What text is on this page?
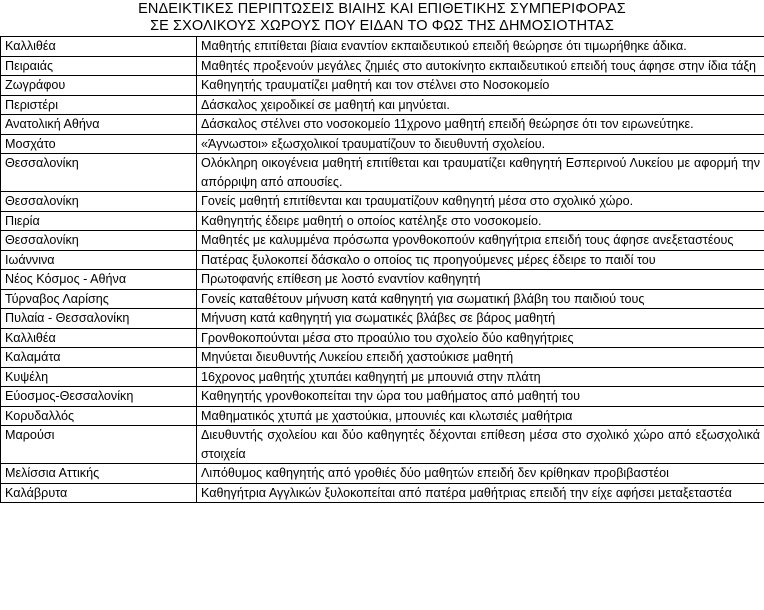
ΕΝΔΕΙΚΤΙΚΕΣ ΠΕΡΙΠΤΩΣΕΙΣ ΒΙΑΙΗΣ ΚΑΙ ΕΠΙΘΕΤΙΚΗΣ ΣΥΜΠΕΡΙΦΟΡΑΣ
ΣΕ ΣΧΟΛΙΚΟΥΣ ΧΩΡΟΥΣ ΠΟΥ ΕΙΔΑΝ ΤΟ ΦΩΣ ΤΗΣ ΔΗΜΟΣΙΟΤΗΤΑΣ
Καλλιθέα	Μαθητής επιτίθεται βίαια εναντίον εκπαιδευτικού επειδή θεώρησε ότι τιμωρήθηκε άδικα.
Πειραιάς	Μαθητές προξενούν μεγάλες ζημιές στο αυτοκίνητο εκπαιδευτικού επειδή τους άφησε στην ίδια τάξη
Ζωγράφου	Καθηγητής τραυματίζει μαθητή και τον στέλνει στο Νοσοκομείο
Περιστέρι	Δάσκαλος χειροδικεί σε μαθητή και μηνύεται.
Ανατολική Αθήνα	Δάσκαλος στέλνει στο νοσοκομείο 11χρονο μαθητή επειδή θεώρησε ότι τον ειρωνεύτηκε.
Μοσχάτο	«Άγνωστοι» εξωσχολικοί τραυματίζουν το διευθυντή σχολείου.
Θεσσαλονίκη	Ολόκληρη οικογένεια μαθητή επιτίθεται και τραυματίζει καθηγητή Εσπερινού Λυκείου με αφορμή την απόρριψη από απουσίες.
Θεσσαλονίκη	Γονείς μαθητή επιτίθενται και τραυματίζουν καθηγητή μέσα στο σχολικό χώρο.
Πιερία	Καθηγητής έδειρε μαθητή ο οποίος κατέληξε στο νοσοκομείο.
Θεσσαλονίκη	Μαθητές με καλυμμένα πρόσωπα γρονθοκοπούν καθηγήτρια επειδή τους άφησε ανεξεταστέους
Ιωάννινα	Πατέρας ξυλοκοπεί δάσκαλο ο οποίος τις προηγούμενες μέρες έδειρε το παιδί του
Νέος Κόσμος - Αθήνα	Πρωτοφανής επίθεση με λοστό εναντίον καθηγητή
Τύρναβος Λαρίσης	Γονείς καταθέτουν μήνυση κατά καθηγητή για σωματική βλάβη του παιδιού τους
Πυλαία - Θεσσαλονίκη	Μήνυση κατά καθηγητή για σωματικές βλάβες σε βάρος μαθητή
Καλλιθέα	Γρονθοκοπούνται μέσα στο προαύλιο του σχολείο δύο καθηγήτριες
Καλαμάτα	Μηνύεται διευθυντής Λυκείου επειδή χαστούκισε μαθητή
Κυψέλη	16χρονος μαθητής χτυπάει καθηγητή με μπουνιά στην πλάτη
Εύοσμος-Θεσσαλονίκη	Καθηγητής γρονθοκοπείται την ώρα του μαθήματος από μαθητή του
Κορυδαλλός	Μαθηματικός χτυπά με χαστούκια, μπουνιές και κλωτσιές μαθήτρια
Μαρούσι	Διευθυντής σχολείου και δύο καθηγητές δέχονται επίθεση μέσα στο σχολικό χώρο από εξωσχολικά στοιχεία
Μελίσσια Αττικής	Λιπόθυμος καθηγητής από γροθιές δύο μαθητών επειδή δεν κρίθηκαν προβιβαστέοι
Καλάβρυτα	Καθηγήτρια Αγγλικών ξυλοκοπείται από πατέρα μαθήτριας επειδή την είχε αφήσει μεταξεταστέα
